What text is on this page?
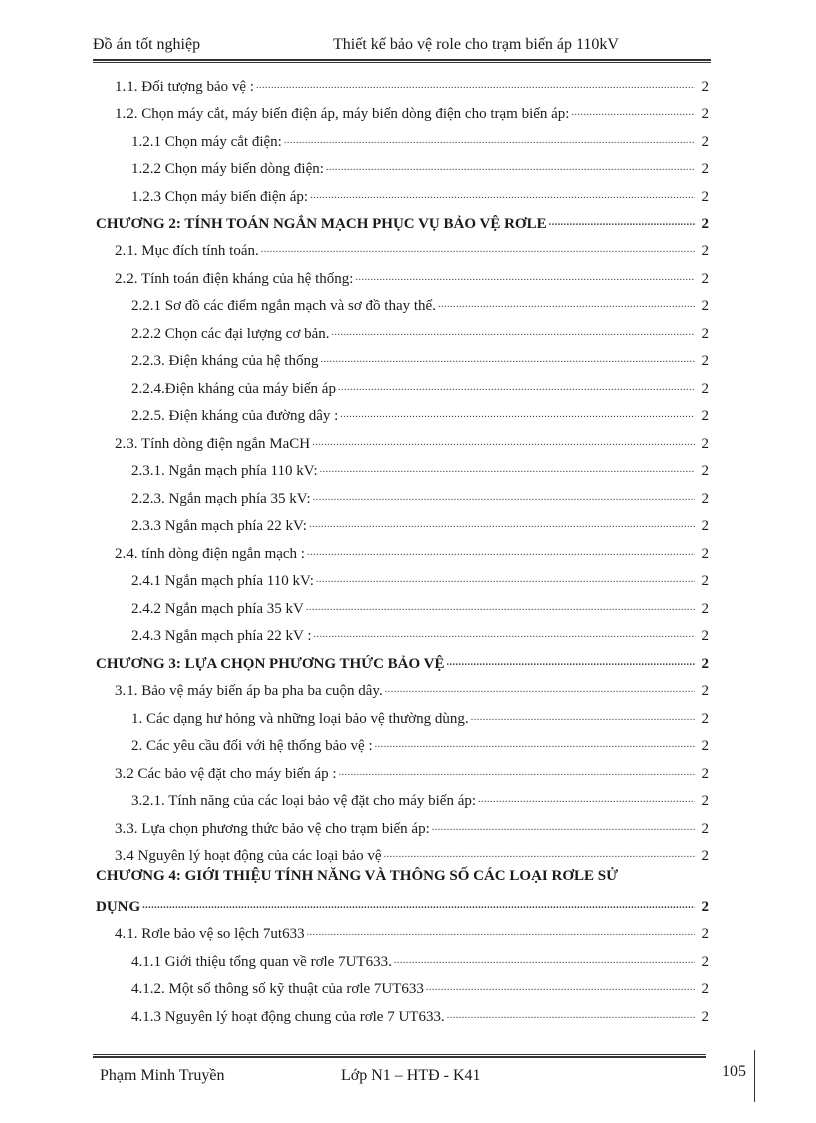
Đồ án tốt nghiệp	Thiết kế bảo vệ role cho trạm biến áp 110kV
1.1. Đối tượng bảo vệ : .....	2
1.2. Chọn máy cắt, máy biến điện áp, máy biến dòng điện cho trạm biến áp: .....	2
1.2.1 Chọn máy cắt điện: .....	2
1.2.2 Chọn máy biến dòng điện: .....	2
1.2.3 Chọn máy biến điện áp: .....	2
CHƯƠNG 2: TÍNH TOÁN NGẮN MẠCH PHỤC VỤ BẢO VỆ RƠLE .....	2
2.1. Mục đích tính toán. .....	2
2.2. Tính toán điện kháng của hệ thống: .....	2
2.2.1 Sơ đồ các điểm ngắn mạch và sơ đồ thay thế. .....	2
2.2.2 Chọn các đại lượng cơ bản. .....	2
2.2.3. Điện kháng của hệ thống .....	2
2.2.4.Điện kháng của máy biến áp .....	2
2.2.5. Điện kháng của đường dây : .....	2
2.3. Tính dòng điện ngắn MaCH .....	2
2.3.1. Ngắn mạch phía 110 kV: .....	2
2.2.3. Ngắn mạch phía 35 kV: .....	2
2.3.3 Ngắn mạch phía 22 kV: .....	2
2.4. tính dòng điện ngắn mạch : .....	2
2.4.1 Ngắn mạch phía 110 kV: .....	2
2.4.2 Ngắn mạch phía 35 kV .....	2
2.4.3 Ngắn mạch phía 22 kV : .....	2
CHƯƠNG 3: LỰA CHỌN PHƯƠNG THỨC BẢO VỆ .....	2
3.1. Bảo vệ máy biến áp ba pha ba cuộn dây. .....	2
1. Các dạng hư hỏng và những loại bảo vệ thường dùng. .....	2
2. Các yêu cầu đối với hệ thống bảo vệ : .....	2
3.2 Các bảo vệ đặt cho máy biến áp : .....	2
3.2.1. Tính năng của các loại bảo vệ đặt cho máy biến áp: .....	2
3.3. Lựa chọn phương thức bảo vệ cho trạm biến áp: .....	2
3.4 Nguyên lý hoạt động của các loại bảo vệ .....	2
CHƯƠNG 4: GIỚI THIỆU TÍNH NĂNG VÀ THÔNG SỐ CÁC LOẠI RƠLE SỬ
DỤNG .....	2
4.1. Rơle bảo vệ so lệch 7ut633 .....	2
4.1.1 Giới thiệu tổng quan về rơle 7UT633. .....	2
4.1.2. Một số thông số kỹ thuật của rơle 7UT633 .....	2
4.1.3 Nguyên lý hoạt động chung của rơle 7 UT633. .....	2
Phạm Minh Truyền	Lớp N1 – HTĐ - K41	105
